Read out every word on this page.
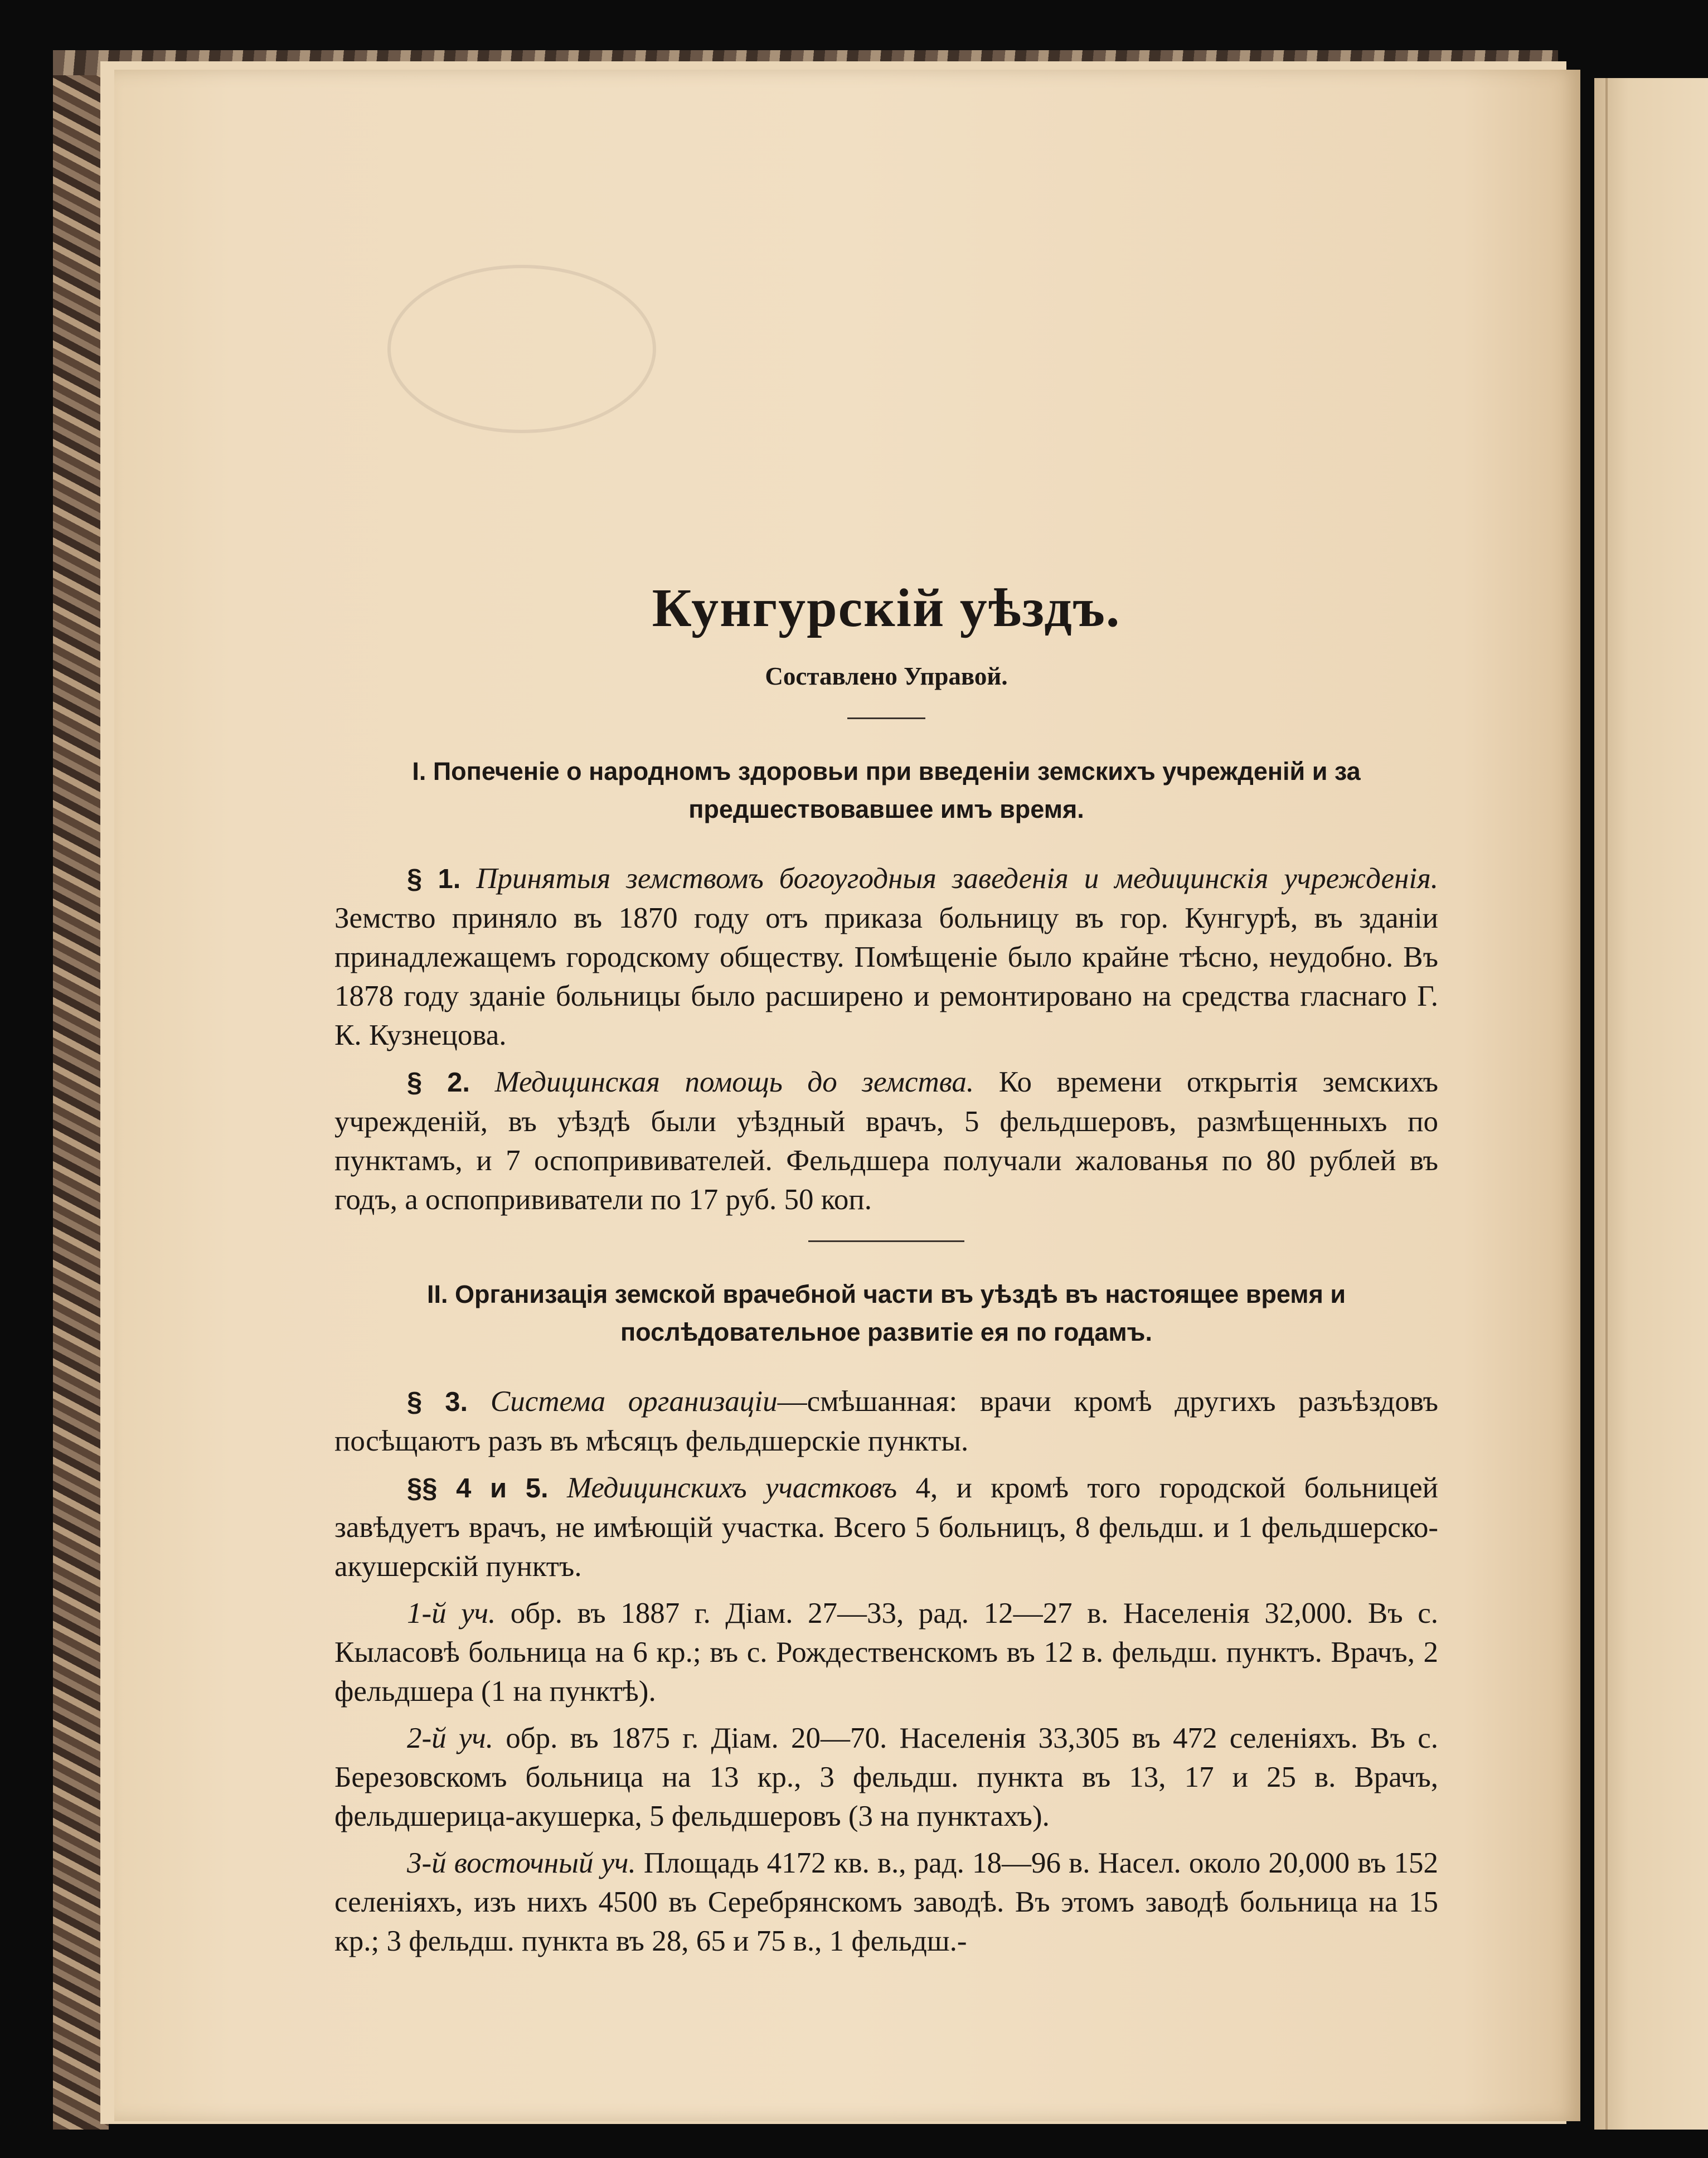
Кунгурскій уѣздъ.
Составлено Управой.
I. Попеченіе о народномъ здоровьи при введеніи земскихъ учрежденій и за предшествовавшее имъ время.
§ 1. Принятыя земствомъ богоугодныя заведенія и медицинскія учрежденія. Земство приняло въ 1870 году отъ приказа больницу въ гор. Кунгурѣ, въ зданіи принадлежащемъ городскому обществу. Помѣщеніе было крайне тѣсно, неудобно. Въ 1878 году зданіе больницы было расширено и ремонтировано на средства гласнаго Г. К. Кузнецова.
§ 2. Медицинская помощь до земства. Ко времени открытія земскихъ учрежденій, въ уѣздѣ были уѣздный врачъ, 5 фельдшеровъ, размѣщенныхъ по пунктамъ, и 7 оспопрививателей. Фельдшера получали жалованья по 80 рублей въ годъ, а оспопрививатели по 17 руб. 50 коп.
II. Организація земской врачебной части въ уѣздѣ въ настоящее время и послѣдовательное развитіе ея по годамъ.
§ 3. Система организаціи—смѣшанная: врачи кромѣ другихъ разъѣздовъ посѣщаютъ разъ въ мѣсяцъ фельдшерскіе пункты.
§§ 4 и 5. Медицинскихъ участковъ 4, и кромѣ того городской больницей завѣдуетъ врачъ, не имѣющій участка. Всего 5 больницъ, 8 фельдш. и 1 фельдшерско-акушерскій пунктъ.
1-й уч. обр. въ 1887 г. Діам. 27—33, рад. 12—27 в. Населенія 32,000. Въ с. Кыласовѣ больница на 6 кр.; въ с. Рождественскомъ въ 12 в. фельдш. пунктъ. Врачъ, 2 фельдшера (1 на пунктѣ).
2-й уч. обр. въ 1875 г. Діам. 20—70. Населенія 33,305 въ 472 селеніяхъ. Въ с. Березовскомъ больница на 13 кр., 3 фельдш. пункта въ 13, 17 и 25 в. Врачъ, фельдшерица-акушерка, 5 фельдшеровъ (3 на пунктахъ).
3-й восточный уч. Площадь 4172 кв. в., рад. 18—96 в. Насел. около 20,000 въ 152 селеніяхъ, изъ нихъ 4500 въ Серебрянскомъ заводѣ. Въ этомъ заводѣ больница на 15 кр.; 3 фельдш. пункта въ 28, 65 и 75 в., 1 фельдш.-
